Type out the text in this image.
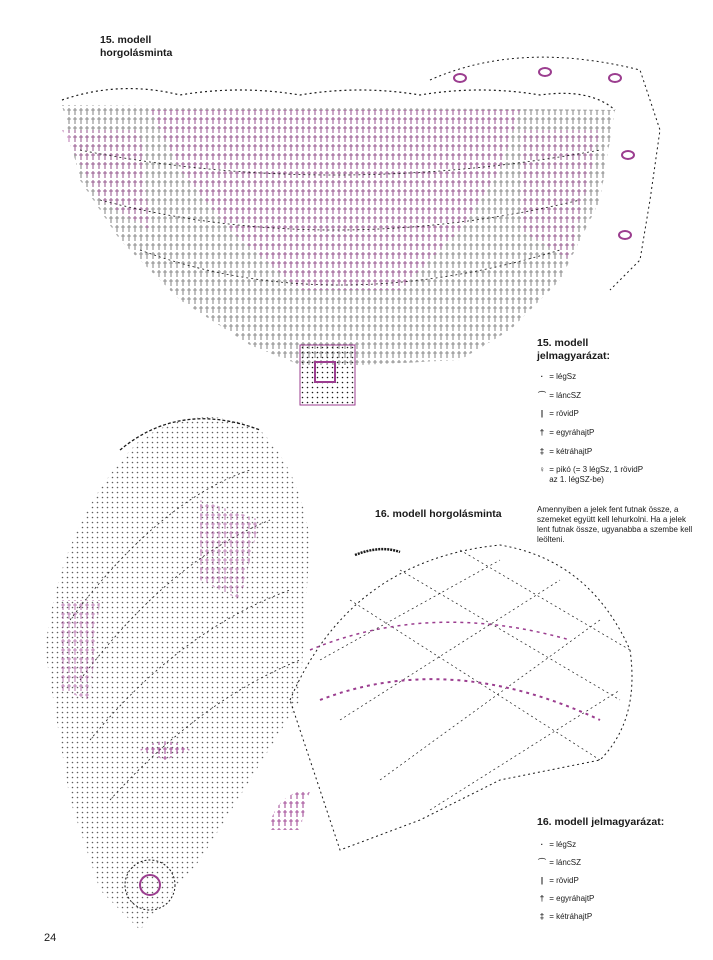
15. modell
horgolásminta
15. modell
jelmagyarázat:
· = légSz
⌒ = láncSZ
| = rövidP
† = egyráhajtP
‡ = kétráhajtP
♀ = pikó (= 3 légSz, 1 rövidP
az 1. légSZ-be)
16. modell horgolásminta	Amennyiben a jelek fent futnak össze, a szemeket együtt kell lehurkolni. Ha a jelek lent futnak össze, ugyanabba a szembe kell leölteni.
16. modell jelmagyarázat:
· = légSz
⌒ = láncSZ
| = rövidP
† = egyráhajtP
‡ = kétráhajtP
24
